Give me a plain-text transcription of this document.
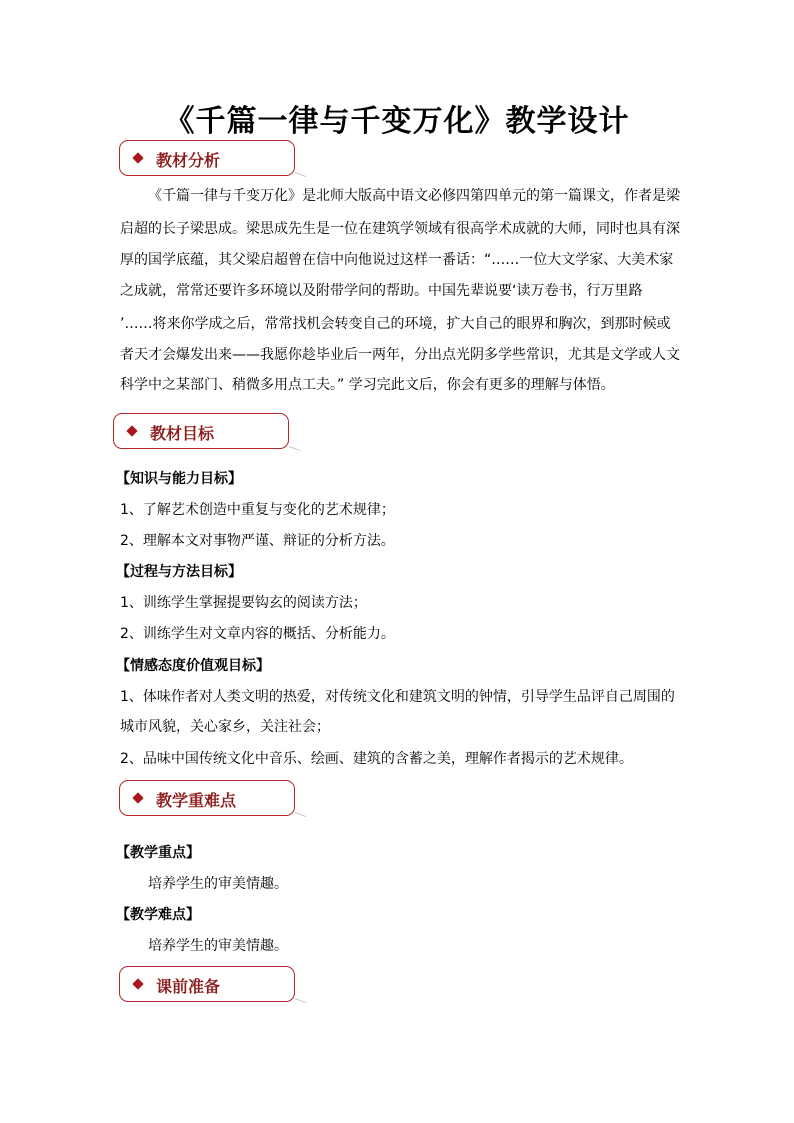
《千篇一律与千变万化》教学设计
教材分析
《千篇一律与千变万化》是北师大版高中语文必修四第四单元的第一篇课文，作者是梁
启超的长子梁思成。梁思成先生是一位在建筑学领域有很高学术成就的大师，同时也具有深
厚的国学底蕴，其父梁启超曾在信中向他说过这样一番话：“……一位大文学家、大美术家
之成就，常常还要许多环境以及附带学问的帮助。中国先辈说要‘读万卷书，行万里路
’……将来你学成之后，常常找机会转变自己的环境，扩大自己的眼界和胸次，到那时候或
者天才会爆发出来——我愿你趁毕业后一两年，分出点光阴多学些常识，尤其是文学或人文
科学中之某部门、稍微多用点工夫。” 学习完此文后，你会有更多的理解与体悟。
教材目标
【知识与能力目标】
1、了解艺术创造中重复与变化的艺术规律；
2、理解本文对事物严谨、辩证的分析方法。
【过程与方法目标】
1、训练学生掌握提要钩玄的阅读方法；
2、训练学生对文章内容的概括、分析能力。
【情感态度价值观目标】
1、体味作者对人类文明的热爱，对传统文化和建筑文明的钟情，引导学生品评自己周围的
城市风貌，关心家乡，关注社会；
2、品味中国传统文化中音乐、绘画、建筑的含蓄之美，理解作者揭示的艺术规律。
教学重难点
【教学重点】
培养学生的审美情趣。
【教学难点】
培养学生的审美情趣。
课前准备
